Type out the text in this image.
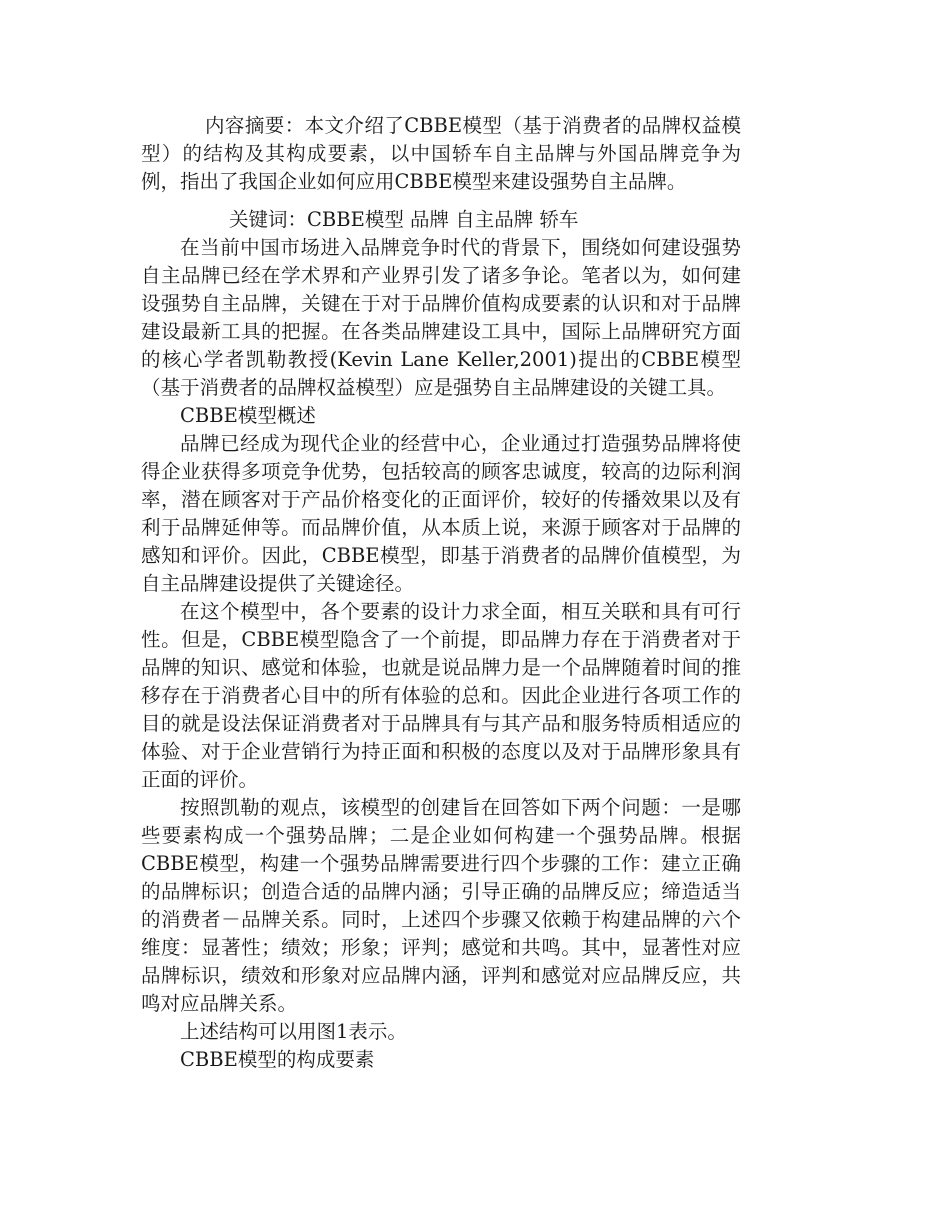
内容摘要：本文介绍了CBBE模型（基于消费者的品牌权益模型）的结构及其构成要素，以中国轿车自主品牌与外国品牌竞争为例，指出了我国企业如何应用CBBE模型来建设强势自主品牌。

关键词：CBBE模型 品牌 自主品牌 轿车

在当前中国市场进入品牌竞争时代的背景下，围绕如何建设强势自主品牌已经在学术界和产业界引发了诸多争论。笔者以为，如何建设强势自主品牌，关键在于对于品牌价值构成要素的认识和对于品牌建设最新工具的把握。在各类品牌建设工具中，国际上品牌研究方面的核心学者凯勒教授(Kevin Lane Keller,2001)提出的CBBE模型（基于消费者的品牌权益模型）应是强势自主品牌建设的关键工具。

CBBE模型概述

品牌已经成为现代企业的经营中心，企业通过打造强势品牌将使得企业获得多项竞争优势，包括较高的顾客忠诚度，较高的边际利润率，潜在顾客对于产品价格变化的正面评价，较好的传播效果以及有利于品牌延伸等。而品牌价值，从本质上说，来源于顾客对于品牌的感知和评价。因此，CBBE模型，即基于消费者的品牌价值模型，为自主品牌建设提供了关键途径。

在这个模型中，各个要素的设计力求全面，相互关联和具有可行性。但是，CBBE模型隐含了一个前提，即品牌力存在于消费者对于品牌的知识、感觉和体验，也就是说品牌力是一个品牌随着时间的推移存在于消费者心目中的所有体验的总和。因此企业进行各项工作的目的就是设法保证消费者对于品牌具有与其产品和服务特质相适应的体验、对于企业营销行为持正面和积极的态度以及对于品牌形象具有正面的评价。

按照凯勒的观点，该模型的创建旨在回答如下两个问题：一是哪些要素构成一个强势品牌；二是企业如何构建一个强势品牌。根据CBBE模型，构建一个强势品牌需要进行四个步骤的工作：建立正确的品牌标识；创造合适的品牌内涵；引导正确的品牌反应；缔造适当的消费者－品牌关系。同时，上述四个步骤又依赖于构建品牌的六个维度：显著性；绩效；形象；评判；感觉和共鸣。其中，显著性对应品牌标识，绩效和形象对应品牌内涵，评判和感觉对应品牌反应，共鸣对应品牌关系。

上述结构可以用图1表示。

CBBE模型的构成要素
